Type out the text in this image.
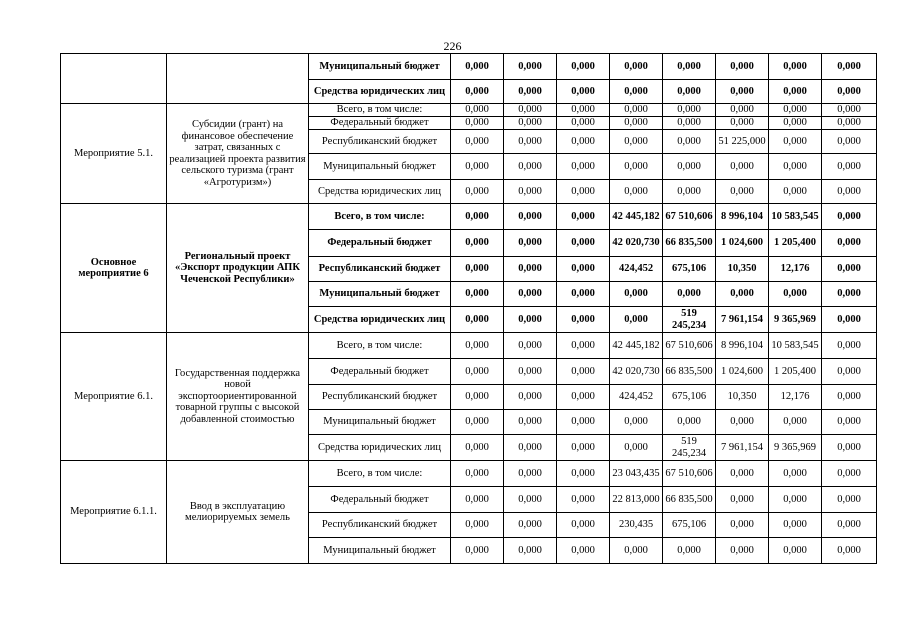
226
		Муниципальный бюджет	0,000	0,000	0,000	0,000	0,000	0,000	0,000	0,000
		Средства юридических лиц	0,000	0,000	0,000	0,000	0,000	0,000	0,000	0,000
Мероприятие 5.1.	Субсидии (грант) на финансовое обеспечение затрат, связанных с реализацией проекта развития сельского туризма (грант «Агротуризм»)	Всего, в том числе:	0,000	0,000	0,000	0,000	0,000	0,000	0,000	0,000
		Федеральный бюджет	0,000	0,000	0,000	0,000	0,000	0,000	0,000	0,000
		Республиканский бюджет	0,000	0,000	0,000	0,000	0,000	51 225,000	0,000	0,000
		Муниципальный бюджет	0,000	0,000	0,000	0,000	0,000	0,000	0,000	0,000
		Средства юридических лиц	0,000	0,000	0,000	0,000	0,000	0,000	0,000	0,000
Основное мероприятие 6	Региональный проект «Экспорт продукции АПК Чеченской Республики»	Всего, в том числе:	0,000	0,000	0,000	42 445,182	67 510,606	8 996,104	10 583,545	0,000
		Федеральный бюджет	0,000	0,000	0,000	42 020,730	66 835,500	1 024,600	1 205,400	0,000
		Республиканский бюджет	0,000	0,000	0,000	424,452	675,106	10,350	12,176	0,000
		Муниципальный бюджет	0,000	0,000	0,000	0,000	0,000	0,000	0,000	0,000
		Средства юридических лиц	0,000	0,000	0,000	0,000	519 245,234	7 961,154	9 365,969	0,000
Мероприятие 6.1.	Государственная поддержка новой экспортоориентированной товарной группы с высокой добавленной стоимостью	Всего, в том числе:	0,000	0,000	0,000	42 445,182	67 510,606	8 996,104	10 583,545	0,000
		Федеральный бюджет	0,000	0,000	0,000	42 020,730	66 835,500	1 024,600	1 205,400	0,000
		Республиканский бюджет	0,000	0,000	0,000	424,452	675,106	10,350	12,176	0,000
		Муниципальный бюджет	0,000	0,000	0,000	0,000	0,000	0,000	0,000	0,000
		Средства юридических лиц	0,000	0,000	0,000	0,000	519 245,234	7 961,154	9 365,969	0,000
Мероприятие 6.1.1.	Ввод в эксплуатацию мелиорируемых земель	Всего, в том числе:	0,000	0,000	0,000	23 043,435	67 510,606	0,000	0,000	0,000
		Федеральный бюджет	0,000	0,000	0,000	22 813,000	66 835,500	0,000	0,000	0,000
		Республиканский бюджет	0,000	0,000	0,000	230,435	675,106	0,000	0,000	0,000
		Муниципальный бюджет	0,000	0,000	0,000	0,000	0,000	0,000	0,000	0,000
